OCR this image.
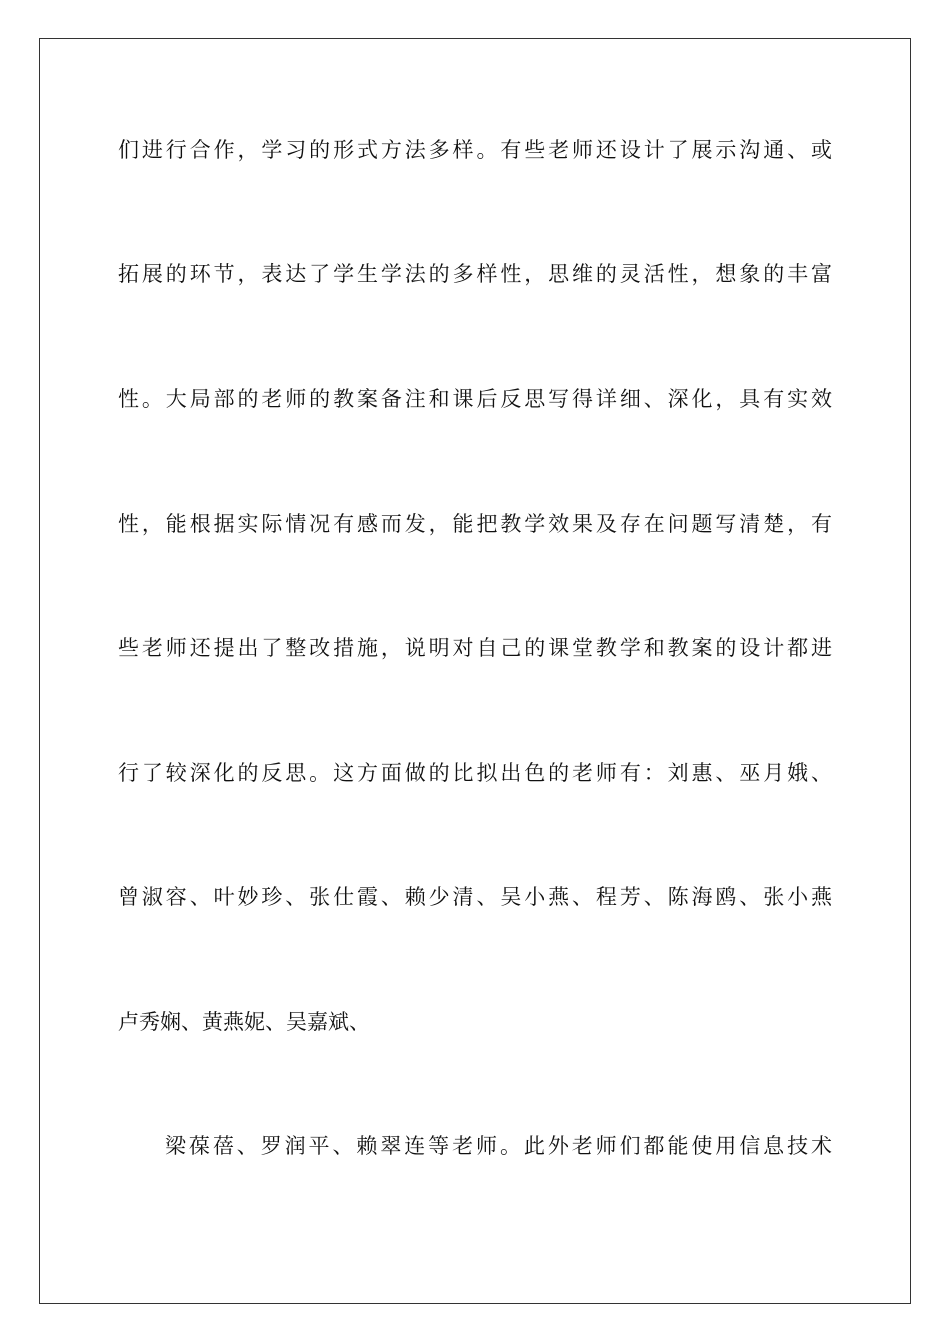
们进行合作，学习的形式方法多样。有些老师还设计了展示沟通、或
拓展的环节，表达了学生学法的多样性，思维的灵活性，想象的丰富
性。大局部的老师的教案备注和课后反思写得详细、深化，具有实效
性，能根据实际情况有感而发，能把教学效果及存在问题写清楚，有
些老师还提出了整改措施，说明对自己的课堂教学和教案的设计都进
行了较深化的反思。这方面做的比拟出色的老师有：刘惠、巫月娥、
曾淑容、叶妙珍、张仕霞、赖少清、吴小燕、程芳、陈海鸥、张小燕
卢秀娴、黄燕妮、吴嘉斌、
梁葆蓓、罗润平、赖翠连等老师。此外老师们都能使用信息技术
